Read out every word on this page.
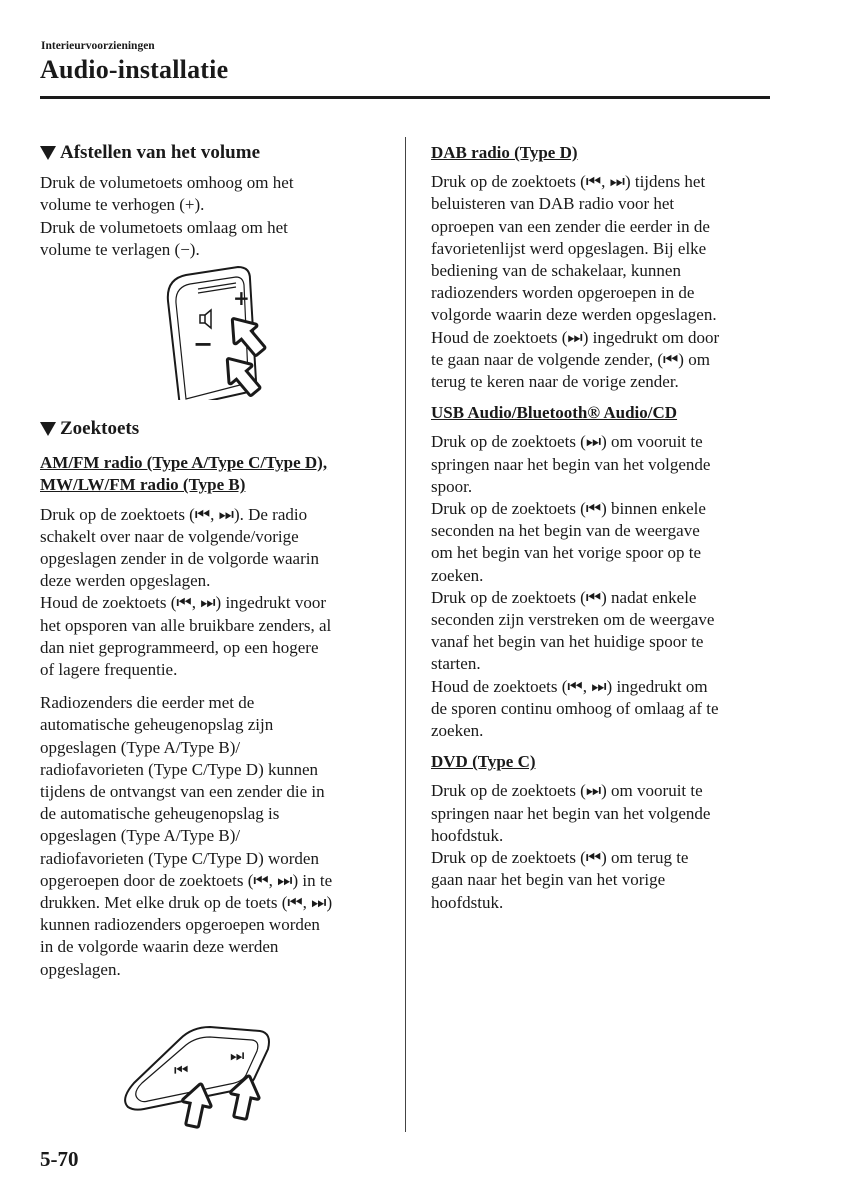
Interieurvoorzieningen
Audio-installatie
Afstellen van het volume

Druk de volumetoets omhoog om het
volume te verhogen (+).
Druk de volumetoets omlaag om het
volume te verlagen (−).

+
−
Zoektoets

AM/FM radio (Type A/Type C/Type D),
MW/LW/FM radio (Type B)

Druk op de zoektoets (⏮, ⏭). De radio
schakelt over naar de volgende/vorige
opgeslagen zender in de volgorde waarin
deze werden opgeslagen.
Houd de zoektoets (⏮, ⏭) ingedrukt voor
het opsporen van alle bruikbare zenders, al
dan niet geprogrammeerd, op een hogere
of lagere frequentie.

Radiozenders die eerder met de
automatische geheugenopslag zijn
opgeslagen (Type A/Type B)/
radiofavorieten (Type C/Type D) kunnen
tijdens de ontvangst van een zender die in
de automatische geheugenopslag is
opgeslagen (Type A/Type B)/
radiofavorieten (Type C/Type D) worden
opgeroepen door de zoektoets (⏮, ⏭) in te
drukken. Met elke druk op de toets (⏮, ⏭)
kunnen radiozenders opgeroepen worden
in de volgorde waarin deze werden
opgeslagen.

⏮
⏭

DAB radio (Type D)

Druk op de zoektoets (⏮, ⏭) tijdens het
beluisteren van DAB radio voor het
oproepen van een zender die eerder in de
favorietenlijst werd opgeslagen. Bij elke
bediening van de schakelaar, kunnen
radiozenders worden opgeroepen in de
volgorde waarin deze werden opgeslagen.
Houd de zoektoets (⏭) ingedrukt om door
te gaan naar de volgende zender, (⏮) om
terug te keren naar de vorige zender.

USB Audio/Bluetooth® Audio/CD

Druk op de zoektoets (⏭) om vooruit te
springen naar het begin van het volgende
spoor.
Druk op de zoektoets (⏮) binnen enkele
seconden na het begin van de weergave
om het begin van het vorige spoor op te
zoeken.
Druk op de zoektoets (⏮) nadat enkele
seconden zijn verstreken om de weergave
vanaf het begin van het huidige spoor te
starten.
Houd de zoektoets (⏮, ⏭) ingedrukt om
de sporen continu omhoog of omlaag af te
zoeken.

DVD (Type C)

Druk op de zoektoets (⏭) om vooruit te
springen naar het begin van het volgende
hoofdstuk.
Druk op de zoektoets (⏮) om terug te
gaan naar het begin van het vorige
hoofdstuk.

5-70
